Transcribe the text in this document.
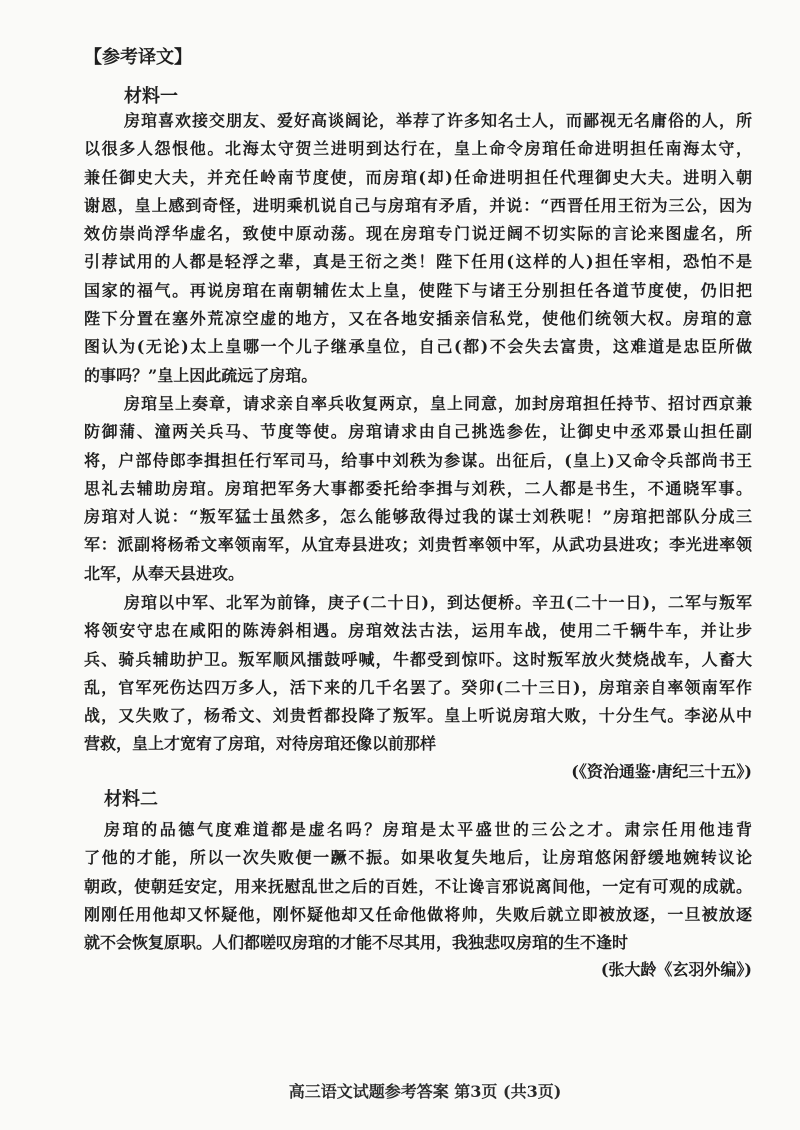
【参考译文】
材料一
房琯喜欢接交朋友、爱好高谈阔论，举荐了许多知名士人，而鄙视无名庸俗的人，所
以很多人怨恨他。北海太守贺兰进明到达行在，皇上命令房琯任命进明担任南海太守，
兼任御史大夫，并充任岭南节度使，而房琯(却)任命进明担任代理御史大夫。进明入朝
谢恩，皇上感到奇怪，进明乘机说自己与房琯有矛盾，并说：“西晋任用王衍为三公，因为
效仿崇尚浮华虚名，致使中原动荡。现在房琯专门说迂阔不切实际的言论来图虚名，所
引荐试用的人都是轻浮之辈，真是王衍之类！陛下任用(这样的人)担任宰相，恐怕不是
国家的福气。再说房琯在南朝辅佐太上皇，使陛下与诸王分别担任各道节度使，仍旧把
陛下分置在塞外荒凉空虚的地方，又在各地安插亲信私党，使他们统领大权。房琯的意
图认为(无论)太上皇哪一个儿子继承皇位，自己(都)不会失去富贵，这难道是忠臣所做
的事吗？”皇上因此疏远了房琯。
房琯呈上奏章，请求亲自率兵收复两京，皇上同意，加封房琯担任持节、招讨西京兼
防御蒲、潼两关兵马、节度等使。房琯请求由自己挑选参佐，让御史中丞邓景山担任副
将，户部侍郎李揖担任行军司马，给事中刘秩为参谋。出征后，(皇上)又命令兵部尚书王
思礼去辅助房琯。房琯把军务大事都委托给李揖与刘秩，二人都是书生，不通晓军事。
房琯对人说：“叛军猛士虽然多，怎么能够敌得过我的谋士刘秩呢！”房琯把部队分成三
军：派副将杨希文率领南军，从宜寿县进攻；刘贵哲率领中军，从武功县进攻；李光进率领
北军，从奉天县进攻。
房琯以中军、北军为前锋，庚子(二十日)，到达便桥。辛丑(二十一日)，二军与叛军
将领安守忠在咸阳的陈涛斜相遇。房琯效法古法，运用车战，使用二千辆牛车，并让步
兵、骑兵辅助护卫。叛军顺风擂鼓呼喊，牛都受到惊吓。这时叛军放火焚烧战车，人畜大
乱，官军死伤达四万多人，活下来的几千名罢了。癸卯(二十三日)，房琯亲自率领南军作
战，又失败了，杨希文、刘贵哲都投降了叛军。皇上听说房琯大败，十分生气。李泌从中
营救，皇上才宽宥了房琯，对待房琯还像以前那样
(《资治通鉴·唐纪三十五》)
材料二
房琯的品德气度难道都是虚名吗？房琯是太平盛世的三公之才。肃宗任用他违背
了他的才能，所以一次失败便一蹶不振。如果收复失地后，让房琯悠闲舒缓地婉转议论
朝政，使朝廷安定，用来抚慰乱世之后的百姓，不让谗言邪说离间他，一定有可观的成就。
刚刚任用他却又怀疑他，刚怀疑他却又任命他做将帅，失败后就立即被放逐，一旦被放逐
就不会恢复原职。人们都嗟叹房琯的才能不尽其用，我独悲叹房琯的生不逢时
(张大龄《玄羽外编》)
高三语文试题参考答案 第3页 (共3页)
